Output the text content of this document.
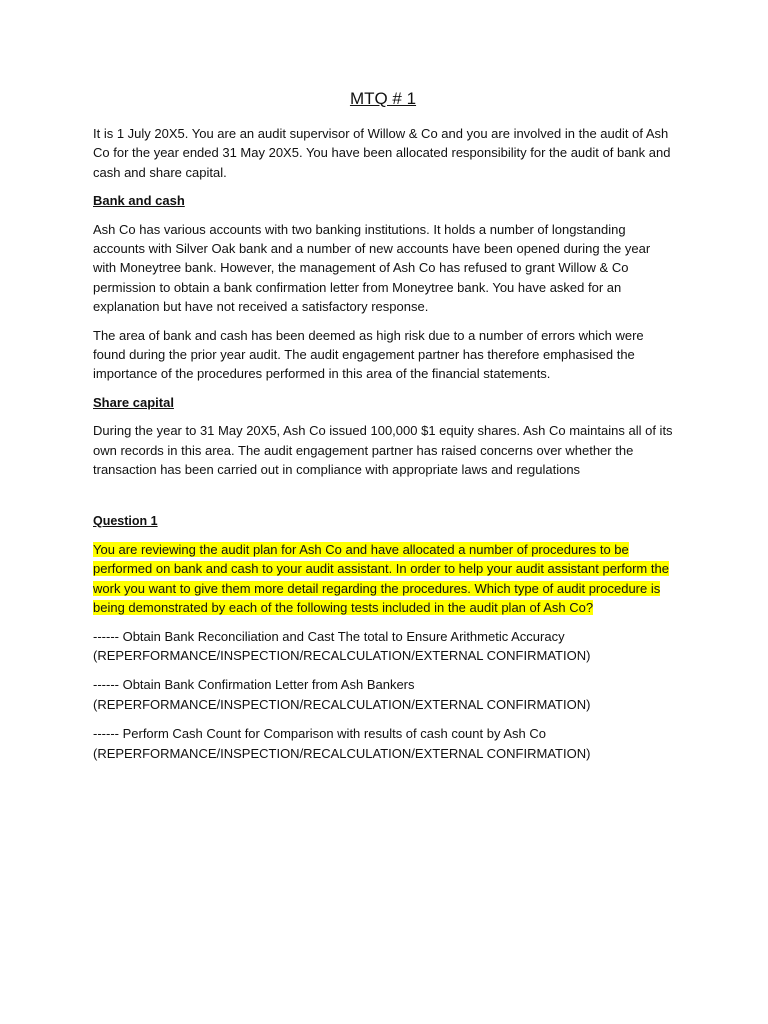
MTQ # 1

It is 1 July 20X5. You are an audit supervisor of Willow & Co and you are involved in the audit of Ash Co for the year ended 31 May 20X5. You have been allocated responsibility for the audit of bank and cash and share capital.

Bank and cash

Ash Co has various accounts with two banking institutions. It holds a number of longstanding accounts with Silver Oak bank and a number of new accounts have been opened during the year with Moneytree bank. However, the management of Ash Co has refused to grant Willow & Co permission to obtain a bank confirmation letter from Moneytree bank. You have asked for an explanation but have not received a satisfactory response.

The area of bank and cash has been deemed as high risk due to a number of errors which were found during the prior year audit. The audit engagement partner has therefore emphasised the importance of the procedures performed in this area of the financial statements.

Share capital

During the year to 31 May 20X5, Ash Co issued 100,000 $1 equity shares. Ash Co maintains all of its own records in this area. The audit engagement partner has raised concerns over whether the transaction has been carried out in compliance with appropriate laws and regulations

Question 1

You are reviewing the audit plan for Ash Co and have allocated a number of procedures to be performed on bank and cash to your audit assistant. In order to help your audit assistant perform the work you want to give them more detail regarding the procedures. Which type of audit procedure is being demonstrated by each of the following tests included in the audit plan of Ash Co?

------ Obtain Bank Reconciliation and Cast The total to Ensure Arithmetic Accuracy
(REPERFORMANCE/INSPECTION/RECALCULATION/EXTERNAL CONFIRMATION)
------ Obtain Bank Confirmation Letter from Ash Bankers
(REPERFORMANCE/INSPECTION/RECALCULATION/EXTERNAL CONFIRMATION)
------ Perform Cash Count for Comparison with results of cash count by Ash Co
(REPERFORMANCE/INSPECTION/RECALCULATION/EXTERNAL CONFIRMATION)
